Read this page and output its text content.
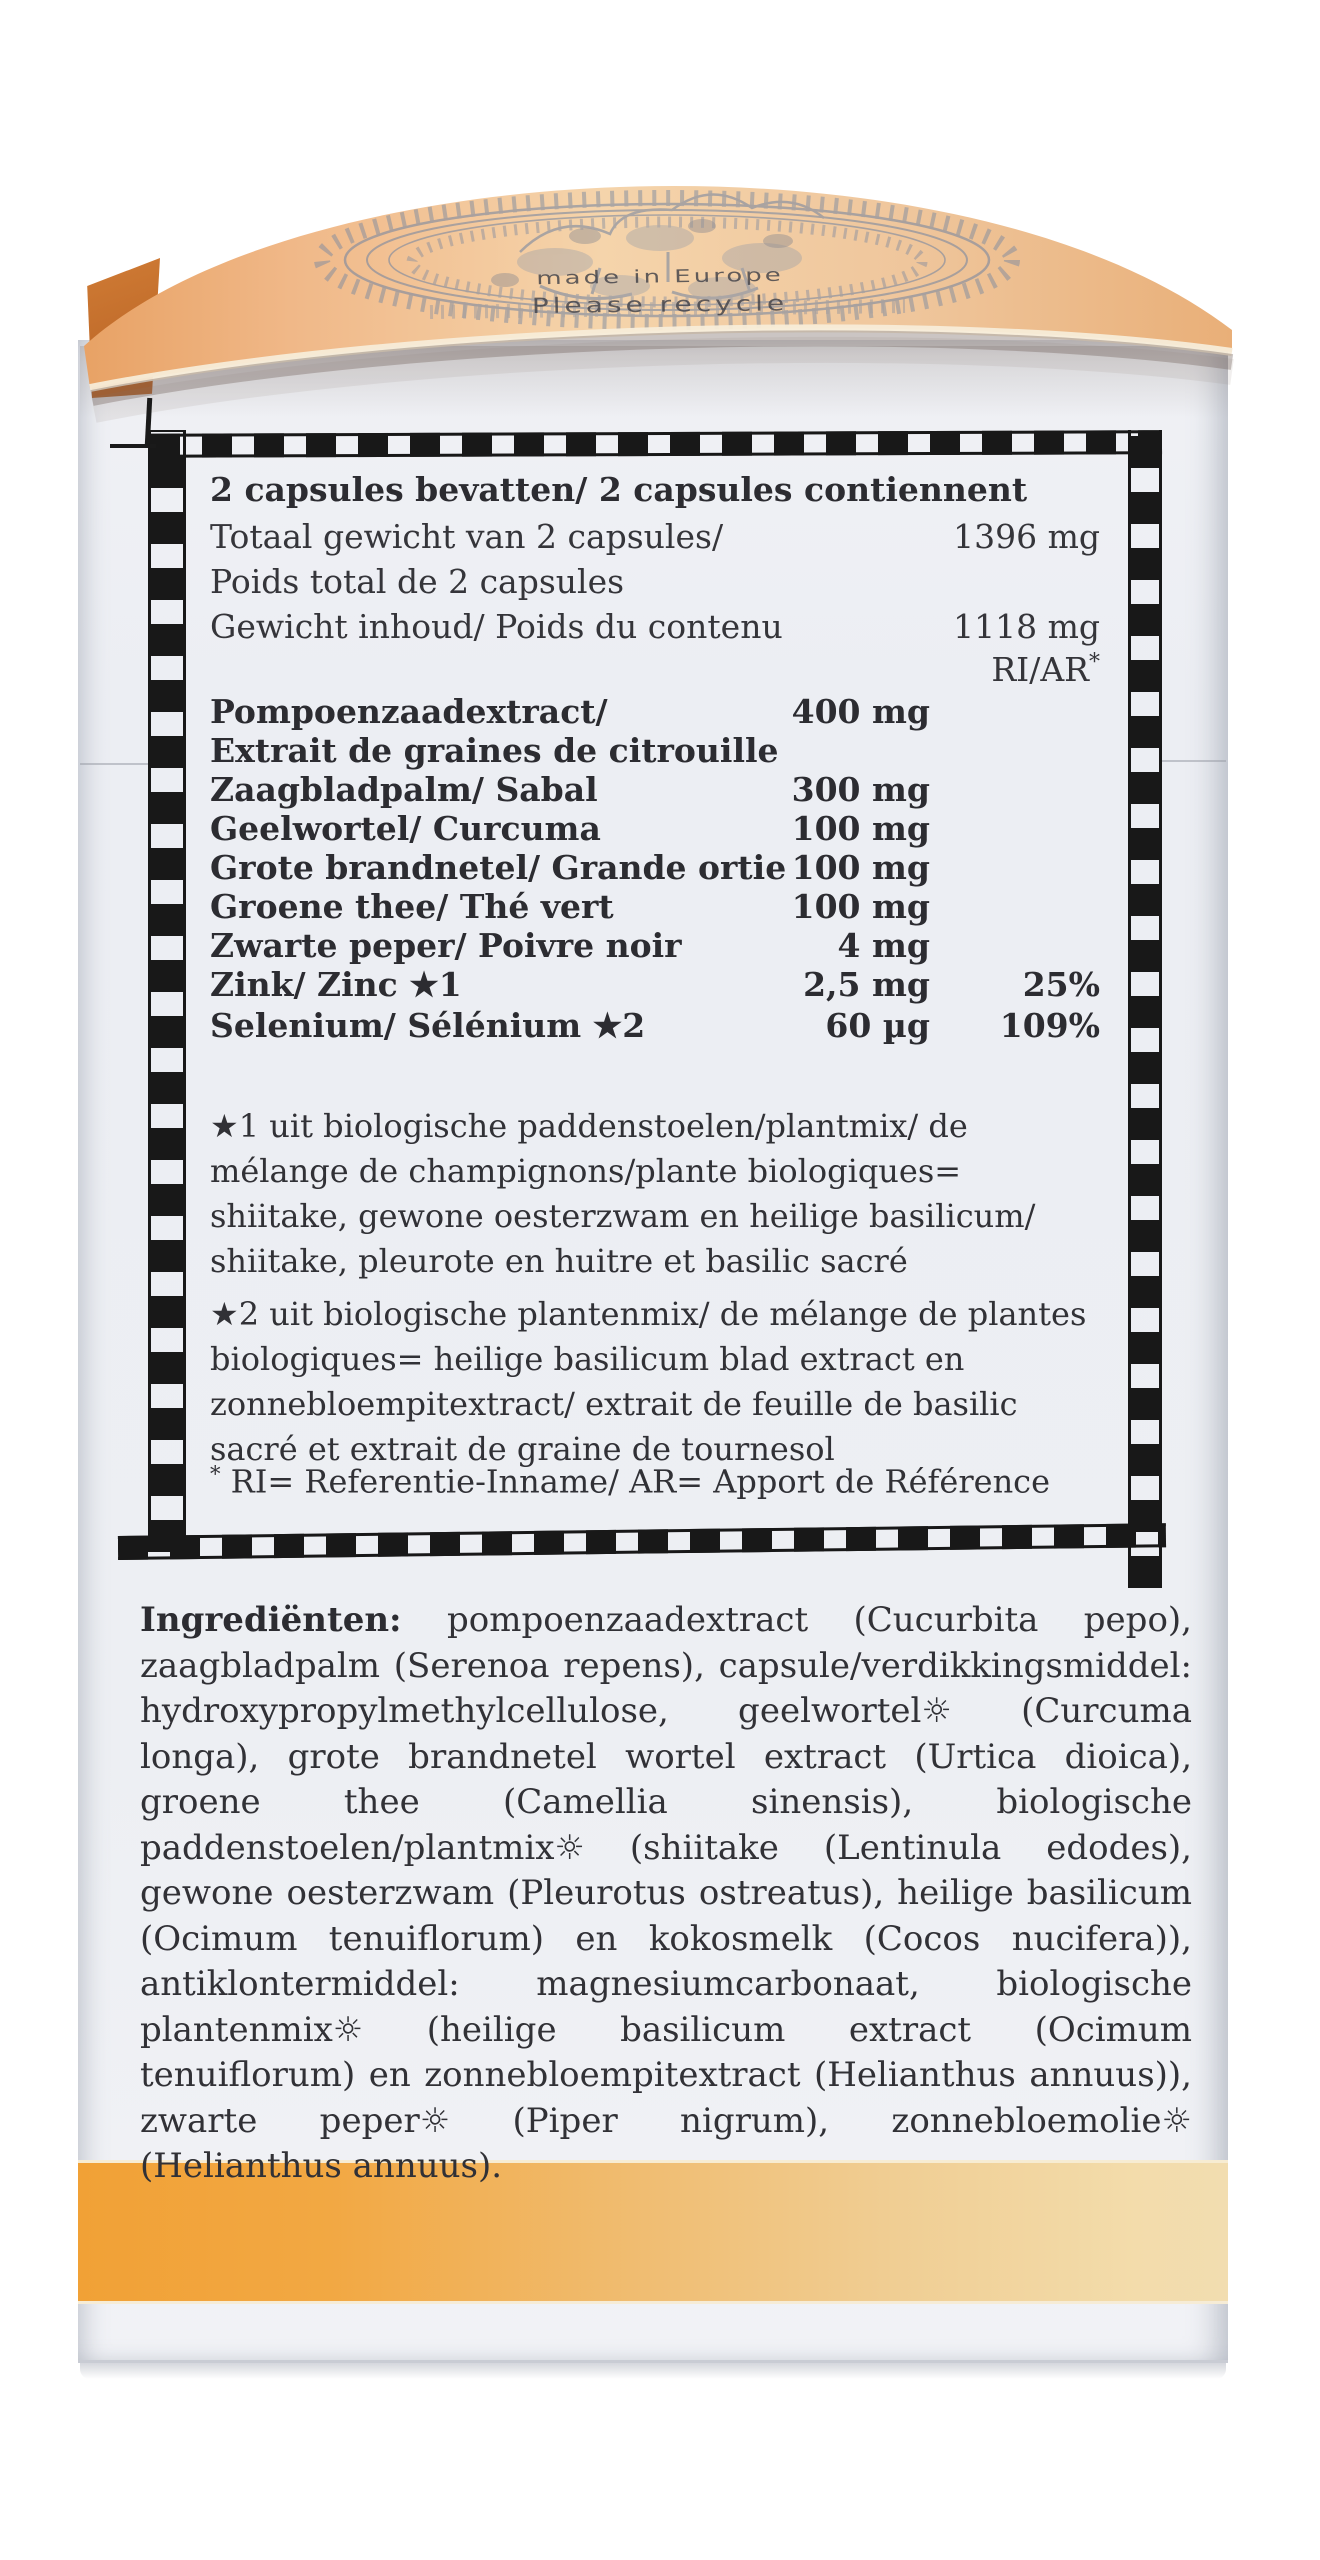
made in Europe
Please recycle
2 capsules bevatten/ 2 capsules contiennent
Totaal gewicht van 2 capsules/	1396 mg
Poids total de 2 capsules
Gewicht inhoud/ Poids du contenu	1118 mg
RI/AR*
Pompoenzaadextract/	400 mg
Extrait de graines de citrouille
Zaagbladpalm/ Sabal	300 mg
Geelwortel/ Curcuma	100 mg
Grote brandnetel/ Grande ortie 100 mg
Groene thee/ Thé vert	100 mg
Zwarte peper/ Poivre noir	4 mg
Zink/ Zinc ★1	2,5 mg	25%
Selenium/ Sélénium ★2	60 µg 109%
★1 uit biologische paddenstoelen/plantmix/ de mélange de champignons/plante biologiques= shiitake, gewone oesterzwam en heilige basilicum/ shiitake, pleurote en huitre et basilic sacré
★2 uit biologische plantenmix/ de mélange de plantes biologiques= heilige basilicum blad extract en zonnebloempitextract/ extrait de feuille de basilic sacré et extrait de graine de tournesol
* RI= Referentie-Inname/ AR= Apport de Référence
Ingrediënten: pompoenzaadextract (Cucurbita pepo), zaagbladpalm (Serenoa repens), capsule/verdikkingsmiddel: hydroxypropylmethylcellulose, geelwortel☼ (Curcuma longa), grote brandnetel wortel extract (Urtica dioica), groene thee (Camellia sinensis), biologische paddenstoelen/plantmix☼ (shiitake (Lentinula edodes), gewone oesterzwam (Pleurotus ostreatus), heilige basilicum (Ocimum tenuiflorum) en kokosmelk (Cocos nucifera)), antiklontermiddel: magnesiumcarbonaat, biologische plantenmix☼ (heilige basilicum extract (Ocimum tenuiflorum) en zonnebloempitextract (Helianthus annuus)), zwarte peper☼ (Piper nigrum), zonnebloemolie☼ (Helianthus annuus).
